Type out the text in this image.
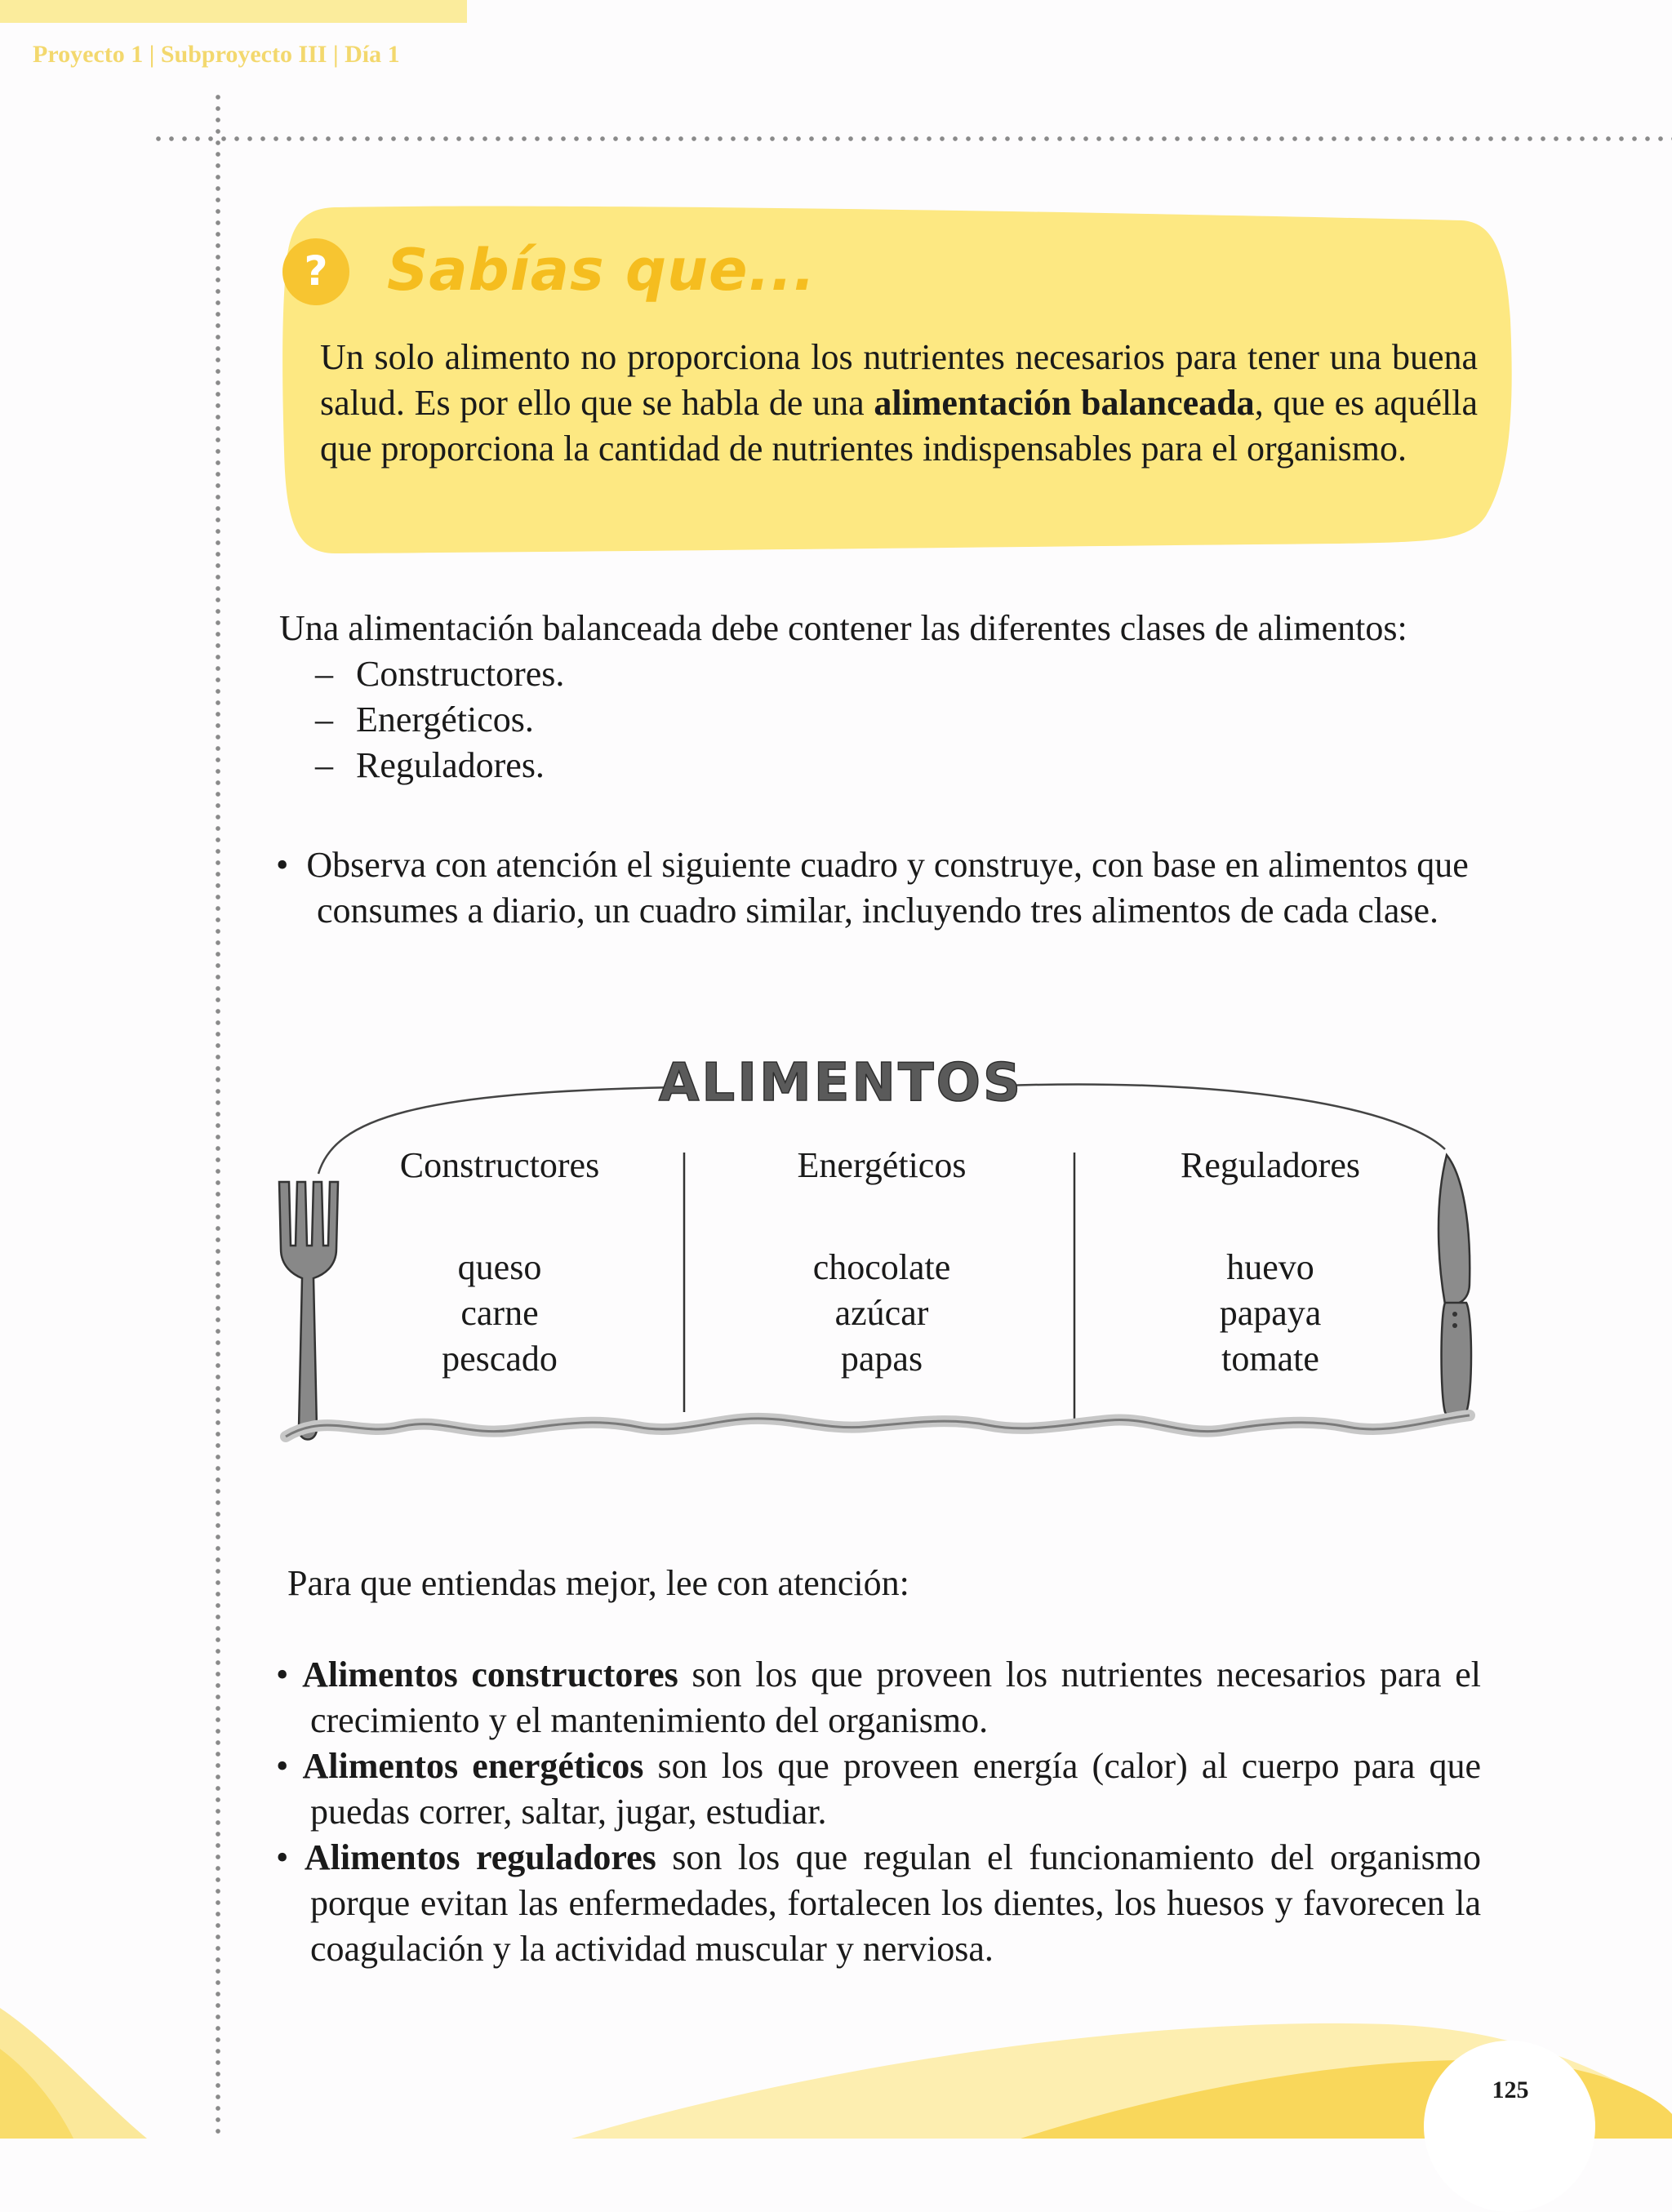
Proyecto 1 | Subproyecto III | Día 1
?	Sabías que...
Un solo alimento no proporciona los nutrientes necesarios para tener una buena salud. Es por ello que se habla de una alimentación balanceada, que es aquélla que proporciona la cantidad de nutrientes indispensables para el organismo.
Una alimentación balanceada debe contener las diferentes clases de alimentos:
– Constructores.
– Energéticos.
– Reguladores.
• Observa con atención el siguiente cuadro y construye, con base en alimentos que consumes a diario, un cuadro similar, incluyendo tres alimentos de cada clase.
ALIMENTOS
Constructores
queso
carne
pescado
Energéticos
chocolate
azúcar
papas
Reguladores
huevo
papaya
tomate
Para que entiendas mejor, lee con atención:
• Alimentos constructores son los que proveen los nutrientes necesarios para el crecimiento y el mantenimiento del organismo.
• Alimentos energéticos son los que proveen energía (calor) al cuerpo para que puedas correr, saltar, jugar, estudiar.
• Alimentos reguladores son los que regulan el funcionamiento del organismo porque evitan las enfermedades, fortalecen los dientes, los huesos y favorecen la coagulación y la actividad muscular y nerviosa.
125
